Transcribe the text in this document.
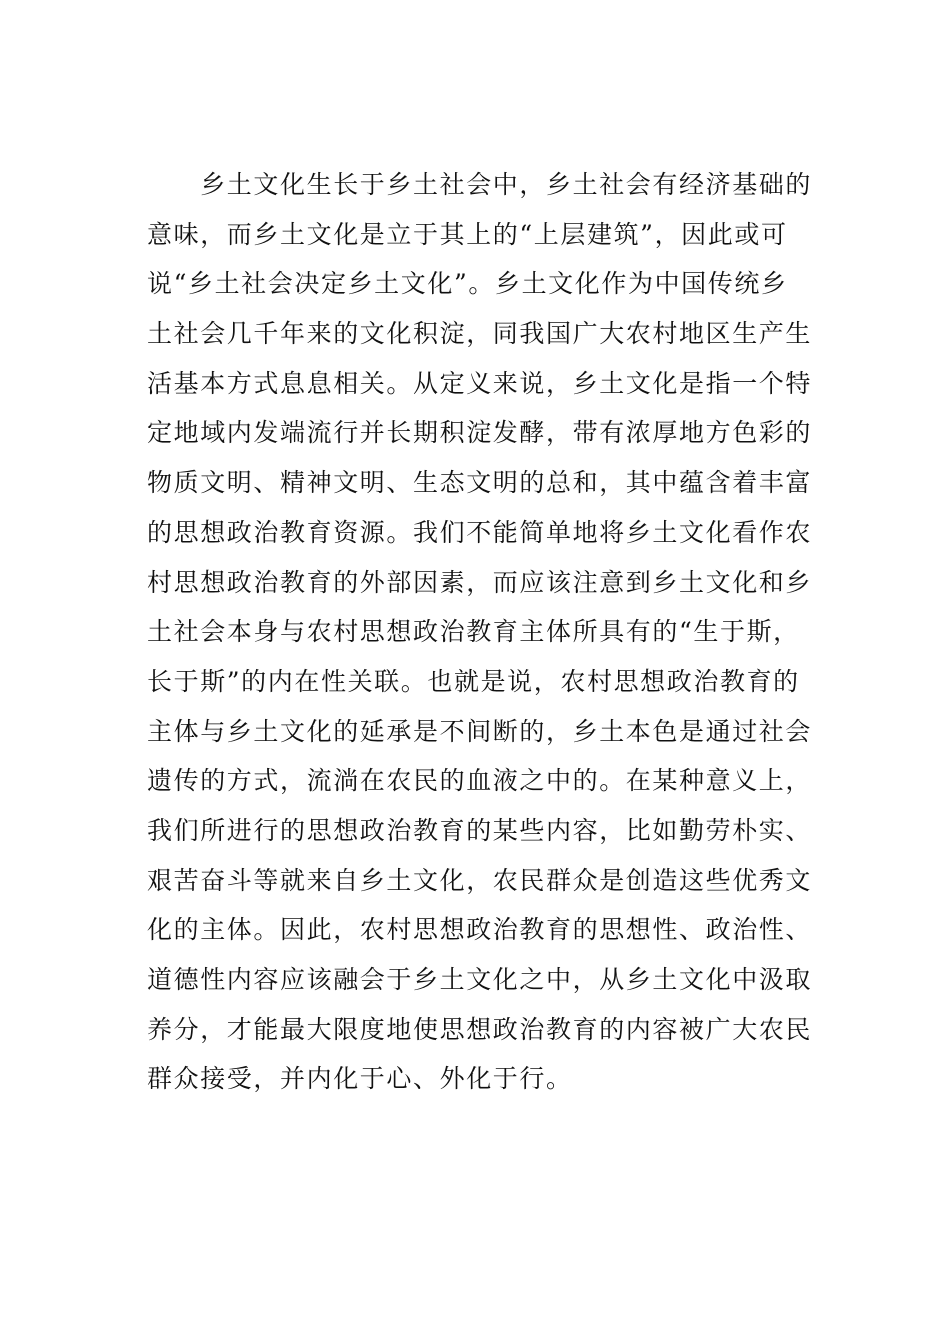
　　乡土文化生长于乡土社会中，乡土社会有经济基础的
意味，而乡土文化是立于其上的“上层建筑”，因此或可
说“乡土社会决定乡土文化”。乡土文化作为中国传统乡
土社会几千年来的文化积淀，同我国广大农村地区生产生
活基本方式息息相关。从定义来说，乡土文化是指一个特
定地域内发端流行并长期积淀发酵，带有浓厚地方色彩的
物质文明、精神文明、生态文明的总和，其中蕴含着丰富
的思想政治教育资源。我们不能简单地将乡土文化看作农
村思想政治教育的外部因素，而应该注意到乡土文化和乡
土社会本身与农村思想政治教育主体所具有的“生于斯，
长于斯”的内在性关联。也就是说，农村思想政治教育的
主体与乡土文化的延承是不间断的，乡土本色是通过社会
遗传的方式，流淌在农民的血液之中的。在某种意义上，
我们所进行的思想政治教育的某些内容，比如勤劳朴实、
艰苦奋斗等就来自乡土文化，农民群众是创造这些优秀文
化的主体。因此，农村思想政治教育的思想性、政治性、
道德性内容应该融会于乡土文化之中，从乡土文化中汲取
养分，才能最大限度地使思想政治教育的内容被广大农民
群众接受，并内化于心、外化于行。
